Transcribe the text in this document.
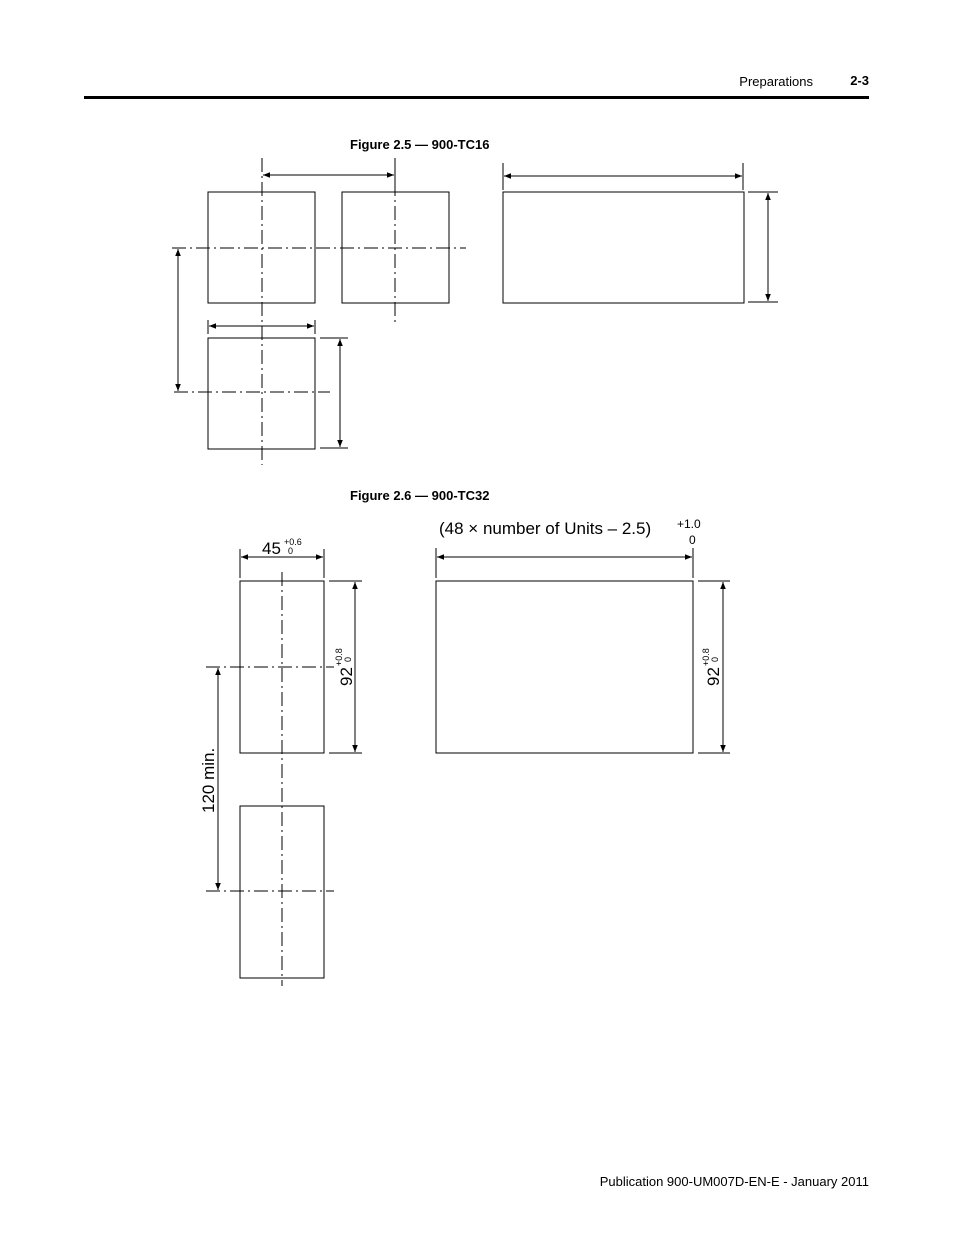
Preparations	2-3
Figure 2.5 — 900-TC16
Figure 2.6 — 900-TC32
45 +0.6
0
92
+0.8 0
120 min.
(48 × number of Units – 2.5) +1.0
0
92
+0.8 0
Publication 900-UM007D-EN-E - January 2011
